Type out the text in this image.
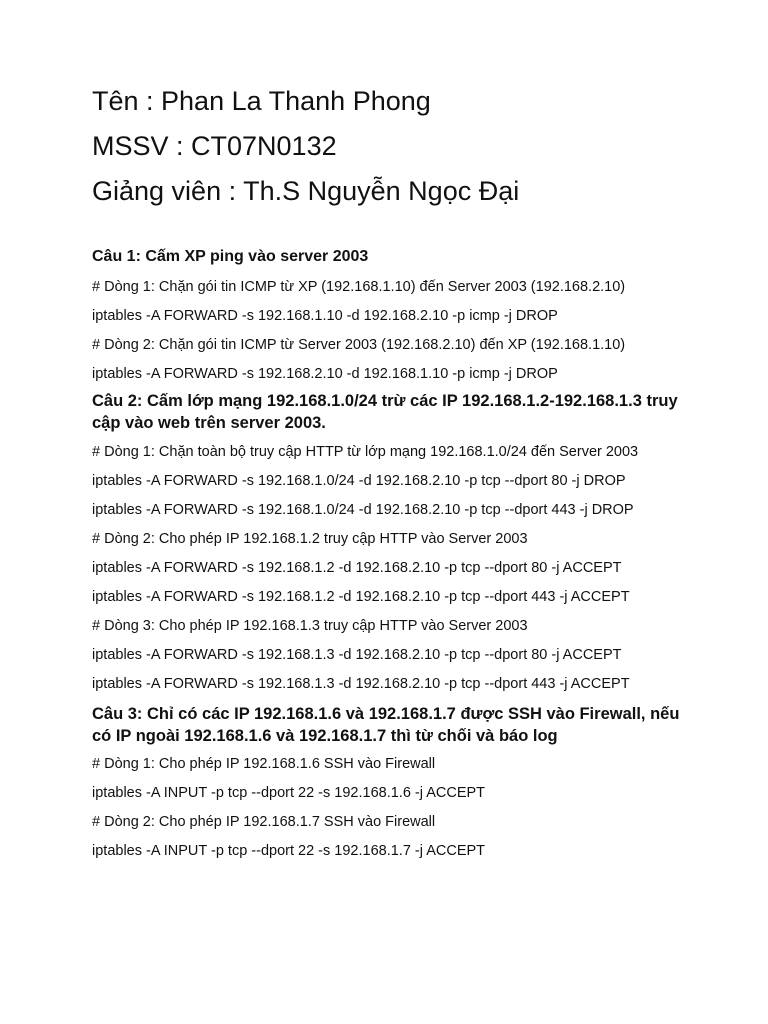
Tên : Phan La Thanh Phong
MSSV : CT07N0132
Giảng viên : Th.S Nguyễn Ngọc Đại
Câu 1: Cấm XP ping vào server 2003
# Dòng 1: Chặn gói tin ICMP từ XP (192.168.1.10) đến Server 2003 (192.168.2.10)
iptables -A FORWARD -s 192.168.1.10 -d 192.168.2.10 -p icmp -j DROP
# Dòng 2: Chặn gói tin ICMP từ Server 2003 (192.168.2.10) đến XP (192.168.1.10)
iptables -A FORWARD -s 192.168.2.10 -d 192.168.1.10 -p icmp -j DROP
Câu 2: Cấm lớp mạng 192.168.1.0/24 trừ các IP 192.168.1.2-192.168.1.3 truy cập vào web trên server 2003.
# Dòng 1: Chặn toàn bộ truy cập HTTP từ lớp mạng 192.168.1.0/24 đến Server 2003
iptables -A FORWARD -s 192.168.1.0/24 -d 192.168.2.10 -p tcp --dport 80 -j DROP
iptables -A FORWARD -s 192.168.1.0/24 -d 192.168.2.10 -p tcp --dport 443 -j DROP
# Dòng 2: Cho phép IP 192.168.1.2 truy cập HTTP vào Server 2003
iptables -A FORWARD -s 192.168.1.2 -d 192.168.2.10 -p tcp --dport 80 -j ACCEPT
iptables -A FORWARD -s 192.168.1.2 -d 192.168.2.10 -p tcp --dport 443 -j ACCEPT
# Dòng 3: Cho phép IP 192.168.1.3 truy cập HTTP vào Server 2003
iptables -A FORWARD -s 192.168.1.3 -d 192.168.2.10 -p tcp --dport 80 -j ACCEPT
iptables -A FORWARD -s 192.168.1.3 -d 192.168.2.10 -p tcp --dport 443 -j ACCEPT
Câu 3: Chỉ có các IP 192.168.1.6 và 192.168.1.7 được SSH vào Firewall, nếu có IP ngoài 192.168.1.6 và 192.168.1.7 thì từ chối và báo log
# Dòng 1: Cho phép IP 192.168.1.6 SSH vào Firewall
iptables -A INPUT -p tcp --dport 22 -s 192.168.1.6 -j ACCEPT
# Dòng 2: Cho phép IP 192.168.1.7 SSH vào Firewall
iptables -A INPUT -p tcp --dport 22 -s 192.168.1.7 -j ACCEPT
